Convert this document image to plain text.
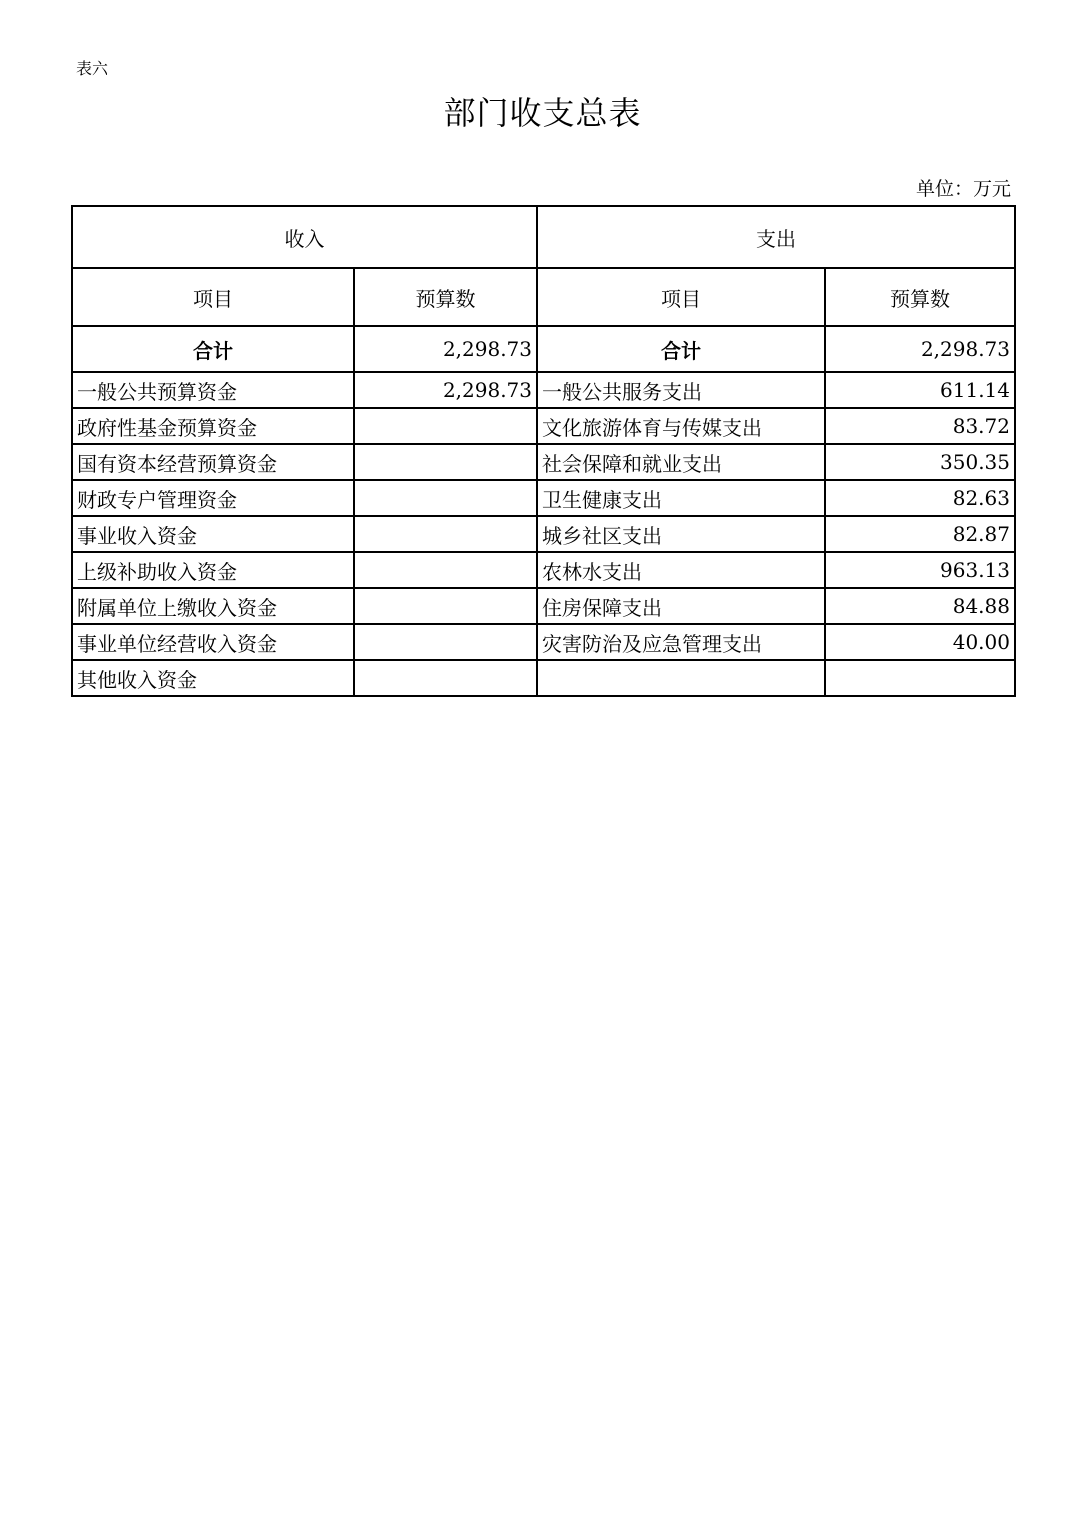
表六
部门收支总表
单位：万元
收入		支出	
项目	预算数	项目	预算数
合计	2,298.73	合计	2,298.73
一般公共预算资金	2,298.73	一般公共服务支出	611.14
政府性基金预算资金		文化旅游体育与传媒支出	83.72
国有资本经营预算资金		社会保障和就业支出	350.35
财政专户管理资金		卫生健康支出	82.63
事业收入资金		城乡社区支出	82.87
上级补助收入资金		农林水支出	963.13
附属单位上缴收入资金		住房保障支出	84.88
事业单位经营收入资金		灾害防治及应急管理支出	40.00
其他收入资金			
